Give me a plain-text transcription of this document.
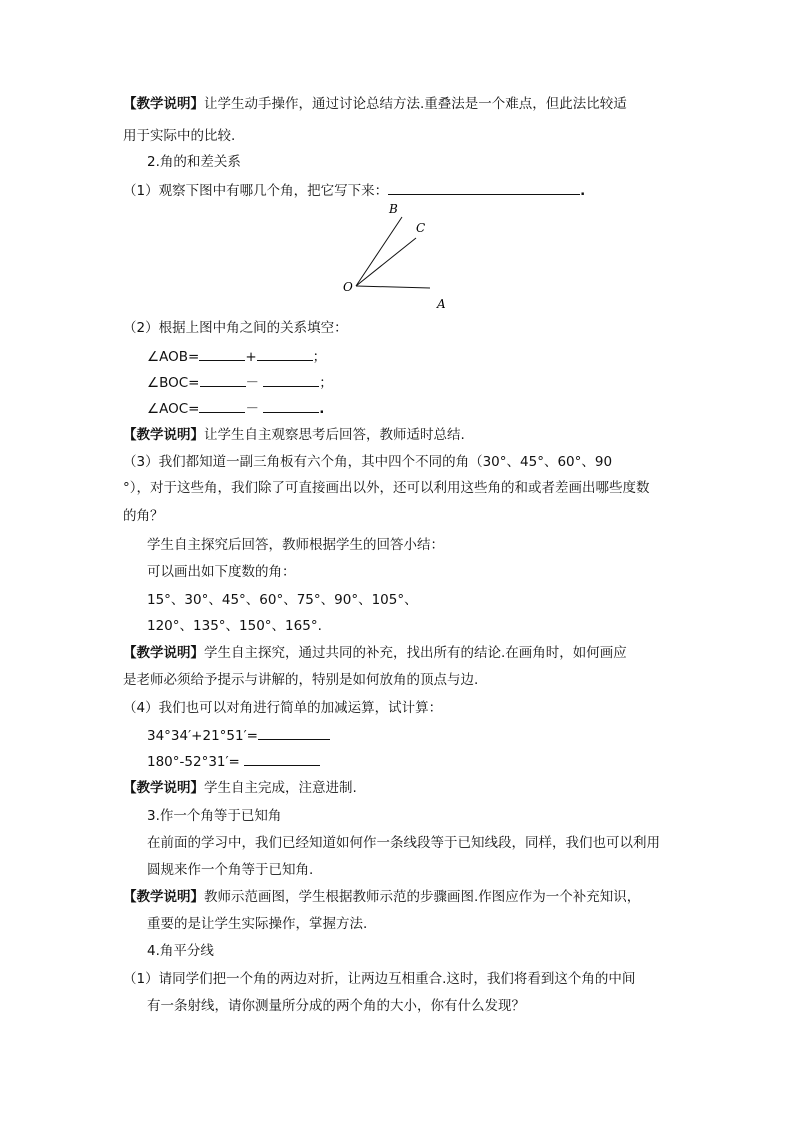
【教学说明】让学生动手操作，通过讨论总结方法.重叠法是一个难点，但此法比较适
用于实际中的比较.
2.角的和差关系
（1）观察下图中有哪几个角，把它写下来：	.
O
A
B
C
（2）根据上图中角之间的关系填空：
∠AOB=	+	；
∠BOC=	－	；
∠AOC=	－	.
【教学说明】让学生自主观察思考后回答，教师适时总结.
（3）我们都知道一副三角板有六个角，其中四个不同的角（30°、45°、60°、90
°），对于这些角，我们除了可直接画出以外，还可以利用这些角的和或者差画出哪些度数
的角？
学生自主探究后回答，教师根据学生的回答小结：
可以画出如下度数的角：
15°、30°、45°、60°、75°、90°、105°、
120°、135°、150°、165°.
【教学说明】学生自主探究，通过共同的补充，找出所有的结论.在画角时，如何画应
是老师必须给予提示与讲解的，特别是如何放角的顶点与边.
（4）我们也可以对角进行简单的加减运算，试计算：
34°34′+21°51′=
180°-52°31′=
【教学说明】学生自主完成，注意进制.
3.作一个角等于已知角
在前面的学习中，我们已经知道如何作一条线段等于已知线段，同样，我们也可以利用
圆规来作一个角等于已知角.
【教学说明】教师示范画图，学生根据教师示范的步骤画图.作图应作为一个补充知识，
重要的是让学生实际操作，掌握方法.
4.角平分线
（1）请同学们把一个角的两边对折，让两边互相重合.这时，我们将看到这个角的中间
有一条射线，请你测量所分成的两个角的大小，你有什么发现？
